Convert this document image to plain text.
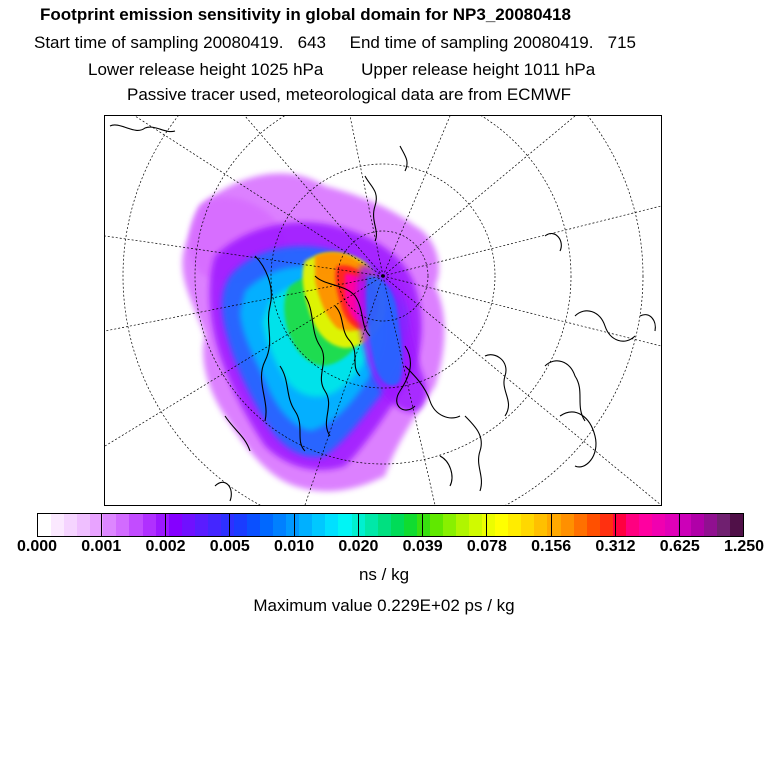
Footprint emission sensitivity in global domain for NP3_20080418
Start time of sampling 20080419.   643     End time of sampling 20080419.   715
Lower release height 1025 hPa        Upper release height 1011 hPa
Passive tracer used, meteorological data are from ECMWF
0.000 0.001 0.002 0.005 0.010 0.020 0.039 0.078 0.156 0.312 0.625 1.250
ns / kg
Maximum value 0.229E+02 ps / kg
